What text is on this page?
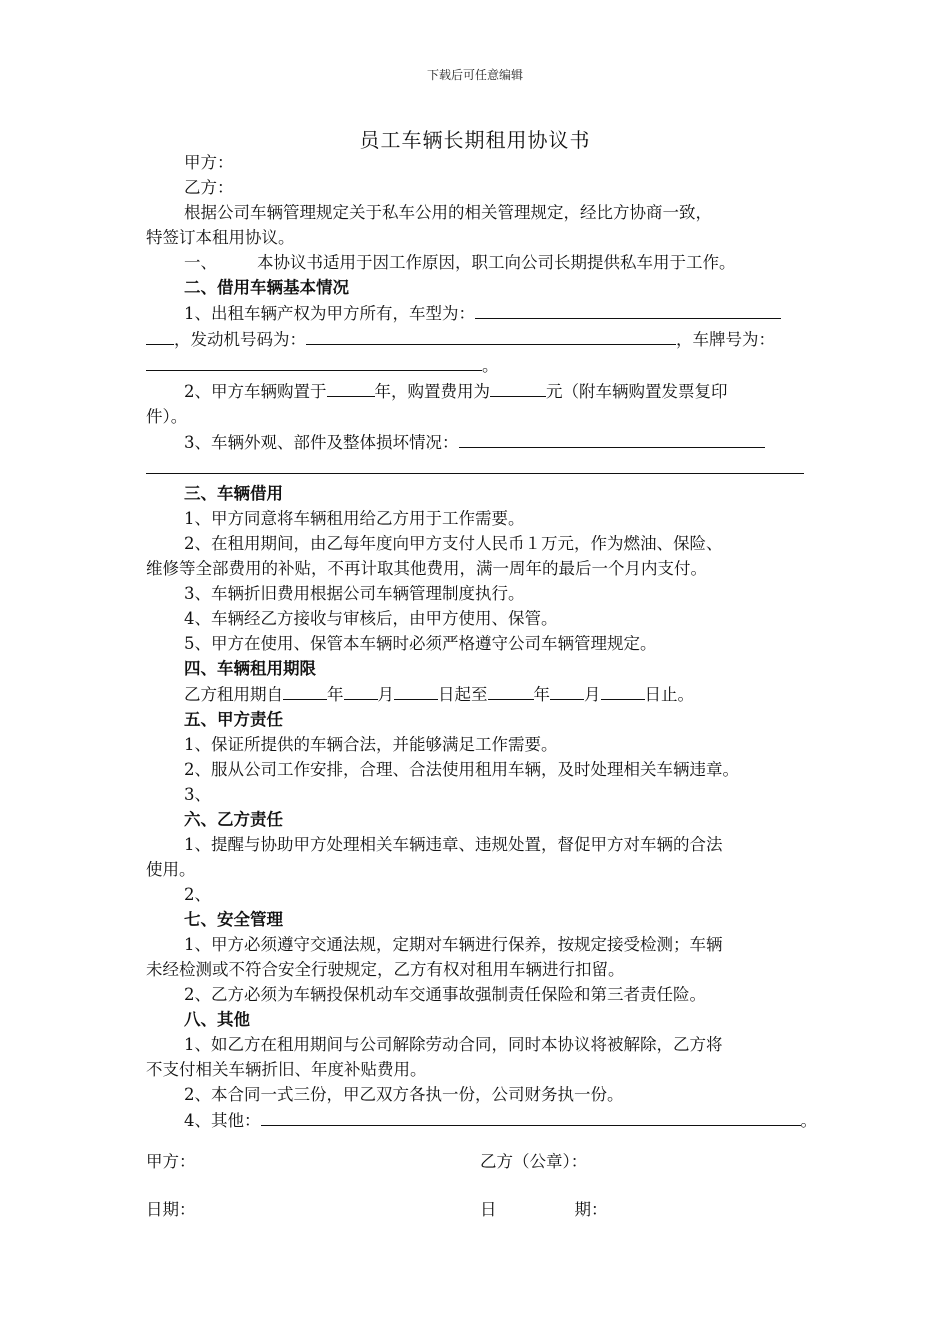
下载后可任意编辑
员工车辆长期租用协议书
甲方：
乙方：
根据公司车辆管理规定关于私车公用的相关管理规定，经比方协商一致，
特签订本租用协议。
一、 本协议书适用于因工作原因，职工向公司长期提供私车用于工作。
二、借用车辆基本情况
1、出租车辆产权为甲方所有，车型为：
，发动机号码为：	，车牌号为：
。
2、甲方车辆购置于	年，购置费用为	元（附车辆购置发票复印
件）。
3、车辆外观、部件及整体损坏情况：
三、车辆借用
1、甲方同意将车辆租用给乙方用于工作需要。
2、在租用期间，由乙每年度向甲方支付人民币１万元，作为燃油、保险、
维修等全部费用的补贴，不再计取其他费用，满一周年的最后一个月内支付。
3、车辆折旧费用根据公司车辆管理制度执行。
4、车辆经乙方接收与审核后，由甲方使用、保管。
5、甲方在使用、保管本车辆时必须严格遵守公司车辆管理规定。
四、车辆租用期限
乙方租用期自	年 月	日起至	年 月	日止。
五、甲方责任
1、保证所提供的车辆合法，并能够满足工作需要。
2、服从公司工作安排，合理、合法使用租用车辆，及时处理相关车辆违章。
3、
六、乙方责任
1、提醒与协助甲方处理相关车辆违章、违规处置，督促甲方对车辆的合法
使用。
2、
七、安全管理
1、甲方必须遵守交通法规，定期对车辆进行保养，按规定接受检测；车辆
未经检测或不符合安全行驶规定，乙方有权对租用车辆进行扣留。
2、乙方必须为车辆投保机动车交通事故强制责任保险和第三者责任险。
八、其他
1、如乙方在租用期间与公司解除劳动合同，同时本协议将被解除，乙方将
不支付相关车辆折旧、年度补贴费用。
2、本合同一式三份，甲乙双方各执一份，公司财务执一份。
4、其他：	。
甲方：	乙方（公章）：
日期：	日	期：
